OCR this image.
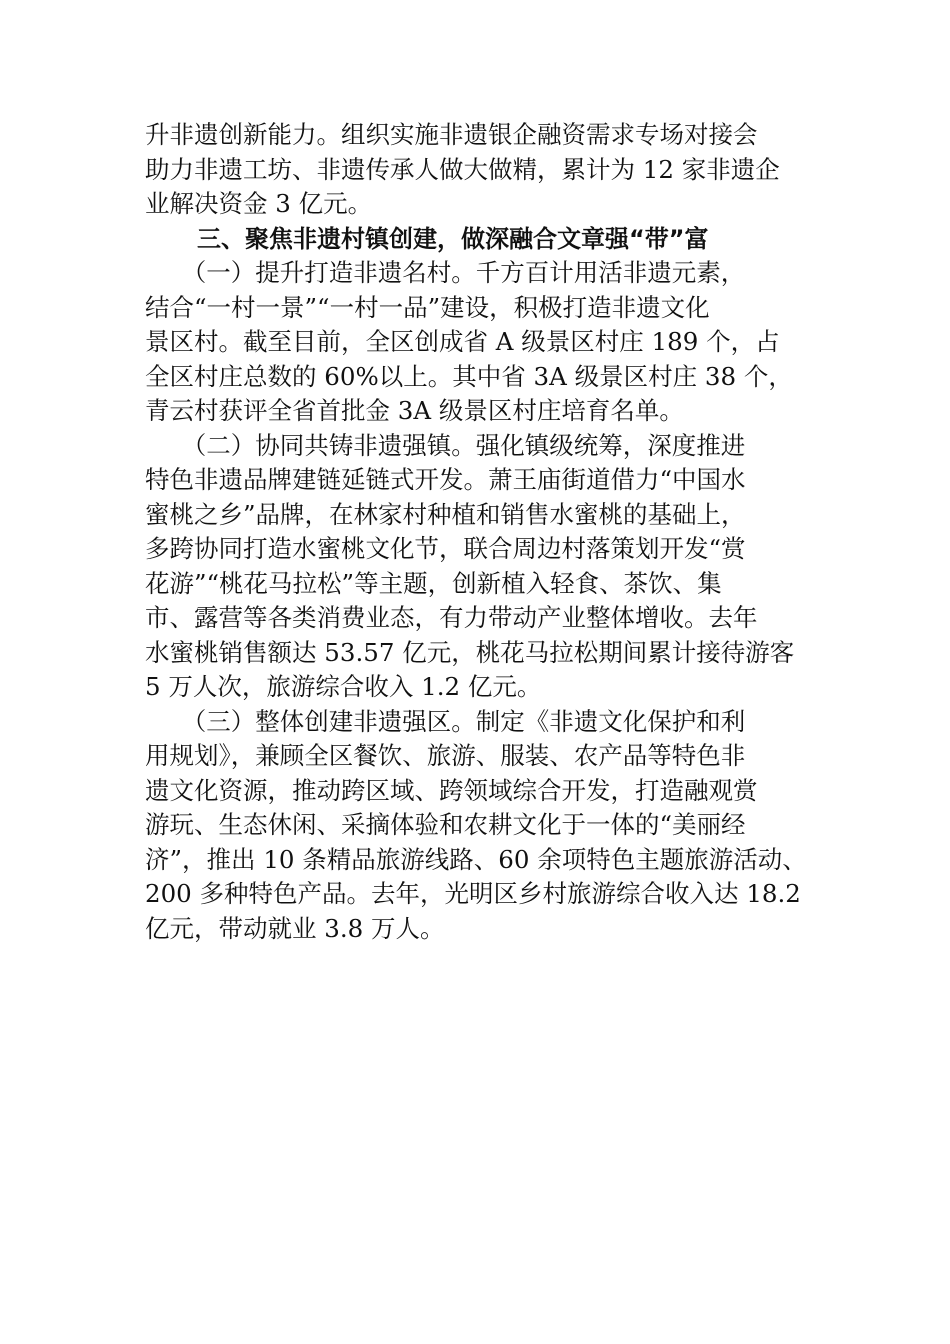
升非遗创新能力。组织实施非遗银企融资需求专场对接会
助力非遗工坊、非遗传承人做大做精，累计为 12 家非遗企
业解决资金 3 亿元。

三、聚焦非遗村镇创建，做深融合文章强“带”富

　　（一）提升打造非遗名村。千方百计用活非遗元素，
结合“一村一景”“一村一品”建设，积极打造非遗文化
景区村。截至目前，全区创成省 A 级景区村庄 189 个，占
全区村庄总数的 60%以上。其中省 3A 级景区村庄 38 个，
青云村获评全省首批金 3A 级景区村庄培育名单。

　　（二）协同共铸非遗强镇。强化镇级统筹，深度推进
特色非遗品牌建链延链式开发。萧王庙街道借力“中国水
蜜桃之乡”品牌，在林家村种植和销售水蜜桃的基础上，
多跨协同打造水蜜桃文化节，联合周边村落策划开发“赏
花游”“桃花马拉松”等主题，创新植入轻食、茶饮、集
市、露营等各类消费业态，有力带动产业整体增收。去年
水蜜桃销售额达 53.57 亿元，桃花马拉松期间累计接待游客
5 万人次，旅游综合收入 1.2 亿元。

　　（三）整体创建非遗强区。制定《非遗文化保护和利
用规划》，兼顾全区餐饮、旅游、服装、农产品等特色非
遗文化资源，推动跨区域、跨领域综合开发，打造融观赏
游玩、生态休闲、采摘体验和农耕文化于一体的“美丽经
济”，推出 10 条精品旅游线路、60 余项特色主题旅游活动、
200 多种特色产品。去年，光明区乡村旅游综合收入达 18.2
亿元，带动就业 3.8 万人。
